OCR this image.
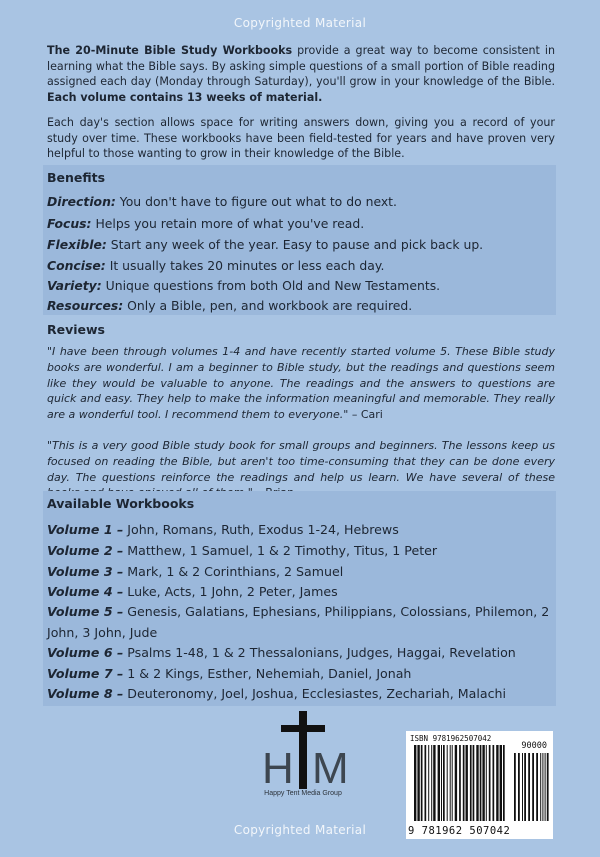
Copyrighted Material
The 20-Minute Bible Study Workbooks provide a great way to become consistent in learning what the Bible says. By asking simple questions of a small portion of Bible reading assigned each day (Monday through Saturday), you'll grow in your knowledge of the Bible. Each volume contains 13 weeks of material.
Each day's section allows space for writing answers down, giving you a record of your study over time. These workbooks have been field-tested for years and have proven very helpful to those wanting to grow in their knowledge of the Bible.
Benefits
Direction: You don't have to figure out what to do next.
Focus: Helps you retain more of what you've read.
Flexible: Start any week of the year. Easy to pause and pick back up.
Concise: It usually takes 20 minutes or less each day.
Variety: Unique questions from both Old and New Testaments.
Resources: Only a Bible, pen, and workbook are required.
Reviews
"I have been through volumes 1-4 and have recently started volume 5. These Bible study books are wonderful. I am a beginner to Bible study, but the readings and questions seem like they would be valuable to anyone. The readings and the answers to questions are quick and easy. They help to make the information meaningful and memorable. They really are a wonderful tool. I recommend them to everyone." – Cari
"This is a very good Bible study book for small groups and beginners. The lessons keep us focused on reading the Bible, but aren't too time-consuming that they can be done every day. The questions reinforce the readings and help us learn. We have several of these
Available Workbooks
Volume 1 – John, Romans, Ruth, Exodus 1-24, Hebrews
Volume 2 – Matthew, 1 Samuel, 1 & 2 Timothy, Titus, 1 Peter
Volume 3 – Mark, 1 & 2 Corinthians, 2 Samuel
Volume 4 – Luke, Acts, 1 John, 2 Peter, James
Volume 5 – Genesis, Galatians, Ephesians, Philippians, Colossians, Philemon, 2 John, 3 John, Jude
Volume 6 – Psalms 1-48, 1 & 2 Thessalonians, Judges, Haggai, Revelation
Volume 7 – 1 & 2 Kings, Esther, Nehemiah, Daniel, Jonah
Volume 8 – Deuteronomy, Joel, Joshua, Ecclesiastes, Zechariah, Malachi
H M
Happy Tent Media Group
ISBN 9781962507042
90000
9 781962 507042
Copyrighted Material
